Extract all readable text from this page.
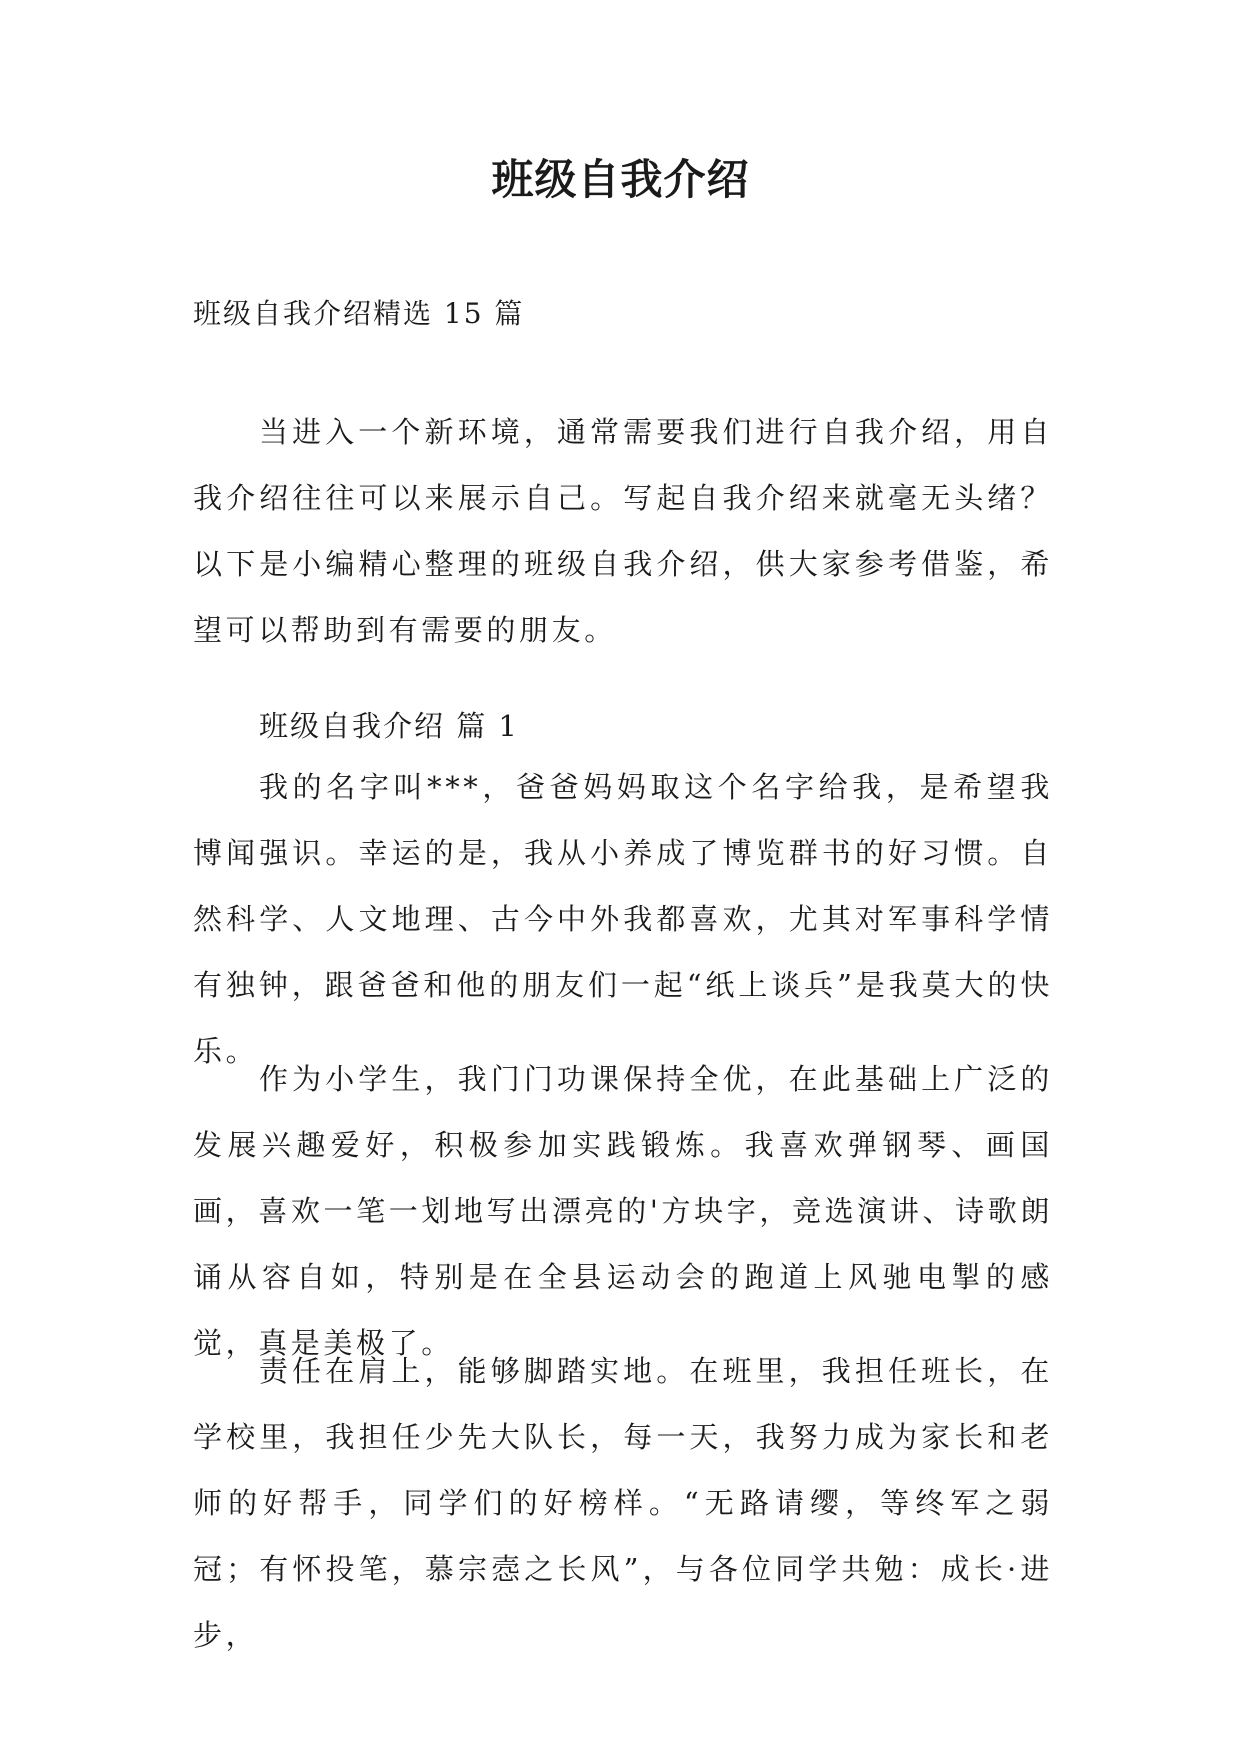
班级自我介绍
班级自我介绍精选 15 篇

当进入一个新环境，通常需要我们进行自我介绍，用自我介绍往往可以来展示自己。写起自我介绍来就毫无头绪？以下是小编精心整理的班级自我介绍，供大家参考借鉴，希望可以帮助到有需要的朋友。

班级自我介绍 篇 1

我的名字叫***，爸爸妈妈取这个名字给我，是希望我博闻强识。幸运的是，我从小养成了博览群书的好习惯。自然科学、人文地理、古今中外我都喜欢，尤其对军事科学情有独钟，跟爸爸和他的朋友们一起“纸上谈兵”是我莫大的快乐。

作为小学生，我门门功课保持全优，在此基础上广泛的发展兴趣爱好，积极参加实践锻炼。我喜欢弹钢琴、画国画，喜欢一笔一划地写出漂亮的'方块字，竞选演讲、诗歌朗诵从容自如，特别是在全县运动会的跑道上风驰电掣的感觉，真是美极了。

责任在肩上，能够脚踏实地。在班里，我担任班长，在学校里，我担任少先大队长，每一天，我努力成为家长和老师的好帮手，同学们的好榜样。“无路请缨，等终军之弱冠；有怀投笔，慕宗悫之长风”，与各位同学共勉：成长·进步，
